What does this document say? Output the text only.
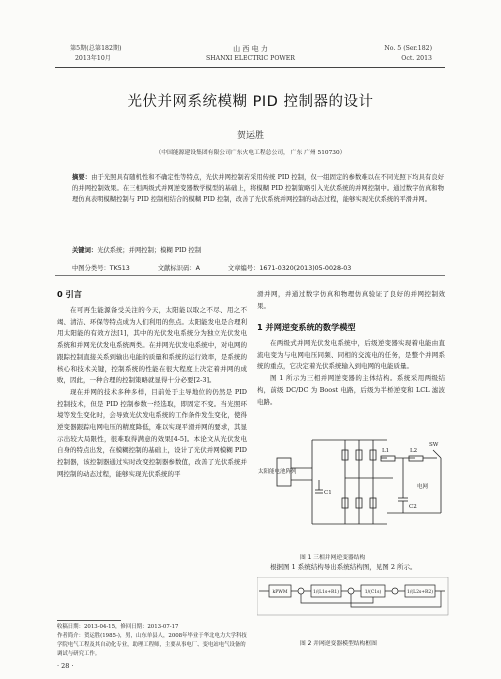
第5期(总第182期)
2013年10月
山 西 电 力
SHANXI ELECTRIC POWER
No. 5 (Ser.182)
Oct. 2013
光伏并网系统模糊 PID 控制器的设计
贺运胜
（中国能源建设集团有限公司广东火电工程总公司， 广东 广州 510730）
摘要：由于光照具有随机性和不确定性等特点，光伏并网控制若采用传统 PID 控制，仅一组固定的参数难以在不同光照下均具有良好的并网控制效果。在三相两级式并网逆变器数学模型的基础上，将模糊 PID 控制策略引入光伏系统的并网控制中。通过数字仿真和物理仿真表明模糊控制与 PID 控制相结合的模糊 PID 控制，改善了光伏系统并网控制的动态过程，能够实现光伏系统的平滑并网。
关键词：光伏系统；并网控制；模糊 PID 控制
中图分类号：TK513	文献标识码：A	文章编号：1671-0320(2013)05-0028-03
0 引言

在可再生能源备受关注的今天，太阳能以取之不尽、用之不竭、清洁、环保等特点成为人们利用的焦点。太阳能发电是合理利用太阳能的有效方法[1]，其中的光伏发电系统分为独立光伏发电系统和并网光伏发电系统两类。在并网光伏发电系统中，对电网的跟踪控制直接关系到输出电能的质量和系统的运行效率，是系统的核心和技术关键，控制系统的性能在很大程度上决定着并网的成败，因此，一种合理的控制策略就显得十分必要[2-3]。

现在并网的技术多种多样，目前处于主导地位的仍然是 PID 控制技术，但是 PID 控制参数一经选取，即固定不变。当光照环境等发生变化时，会导致光伏发电系统的工作条件发生变化，使得逆变器跟踪电网电压的精度降低，难以实现平滑并网的要求，其显示出较大局限性，很难取得满意的效果[4-5]。本论文从光伏发电自身的特点出发，在模糊控制的基础上，设计了光伏并网模糊 PID 控制器，该控制器通过实时改变控制器参数值，改善了光伏系统并网控制的动态过程，能够实现光伏系统的平

收稿日期：2013-04-15，修回日期：2013-07-17
作者简介：贺运胜(1985-)，男，山东单县人，2008年毕业于华北电力大学科技学院电气工程及其自动化专业，助理工程师，主要从事电厂、变电站电气设备的调试与研究工作。
· 28 ·
滑并网，并通过数字仿真和物理仿真验证了良好的并网控制效果。
1 并网逆变系统的数学模型

在两级式并网光伏发电系统中，后级逆变器实现着电能由直流电变为与电网电压同频、同相的交流电的任务，是整个并网系统的重点，它决定着光伏系统输入到电网的电能质量。

图 1 所示为三相并网逆变器的主体结构。系统采用两级结构，前级 DC/DC 为 Boost 电路，后级为半桥逆变和 LCL 滤波电路。

太阳能电池阵列
电网
L1	L2
SW
C1
C2
图 1 三相并网逆变器结构
根据图 1 系统结构导出系统结构图，见图 2 所示。
kPWM	1/(L1s+R1)	1/(C1s)	1/(L2s+R2)
图 2 并网逆变器模型结构框图
